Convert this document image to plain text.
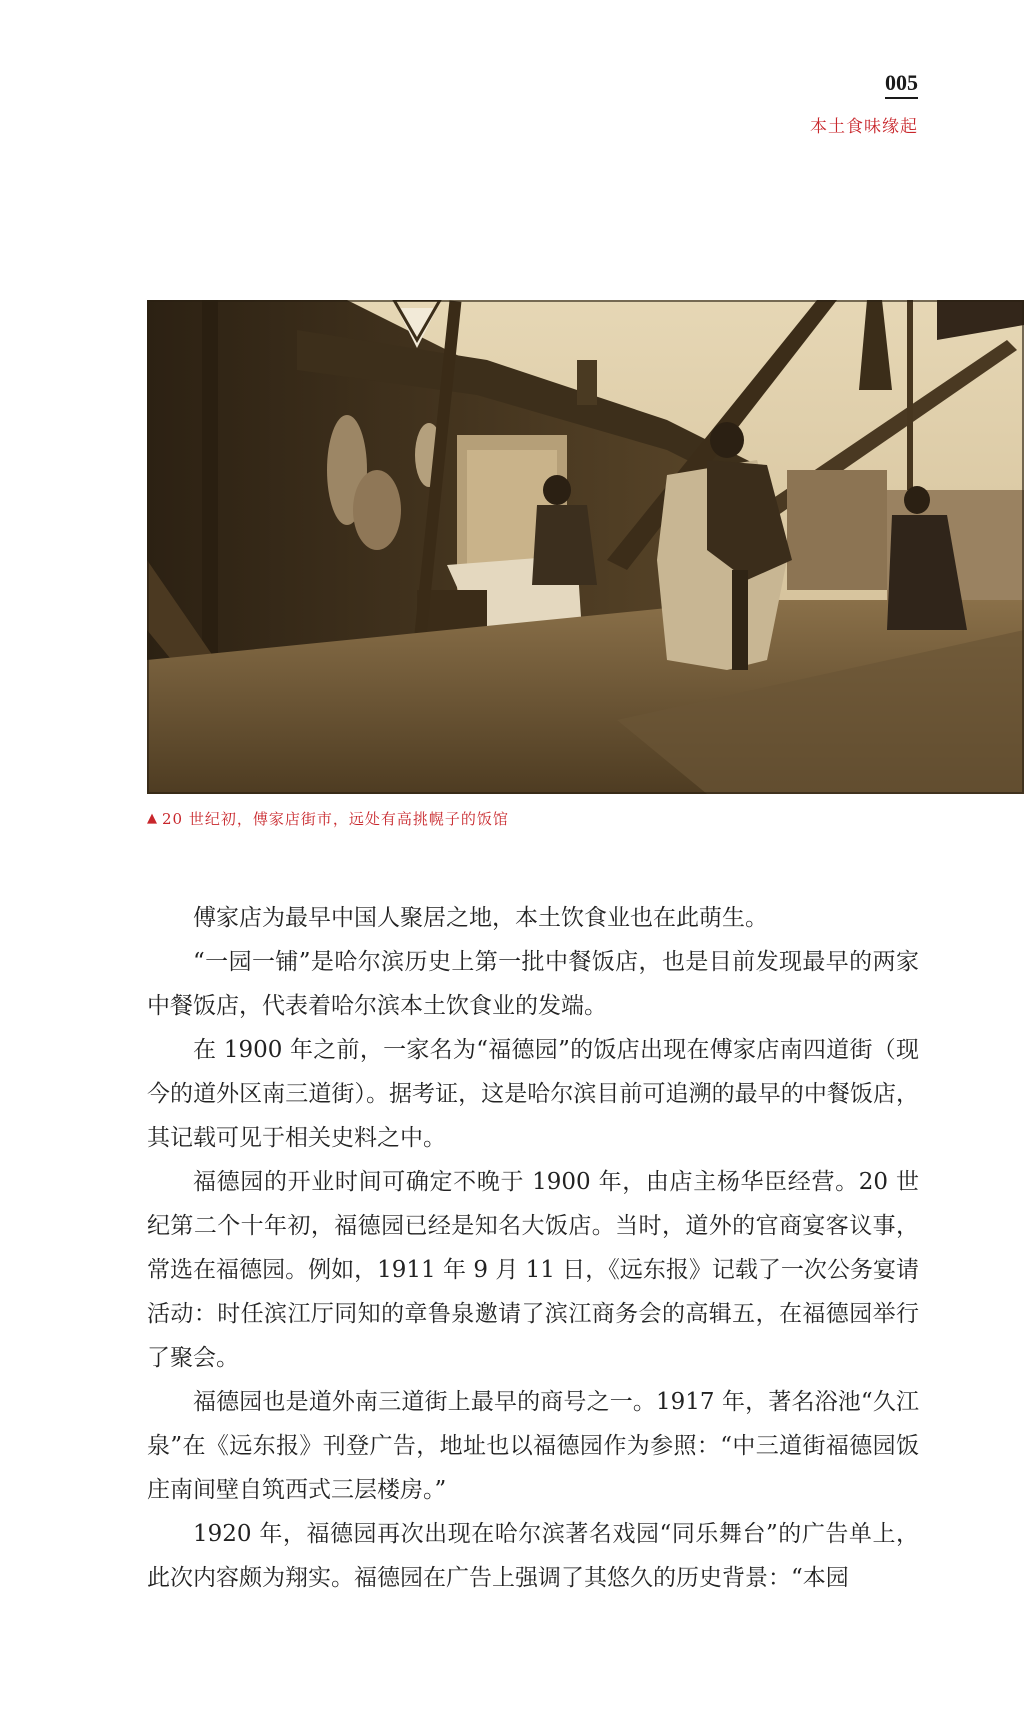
005
本土食味缘起
▲ 20 世纪初，傅家店街市，远处有高挑幌子的饭馆

傅家店为最早中国人聚居之地，本土饮食业也在此萌生。

“一园一铺”是哈尔滨历史上第一批中餐饭店，也是目前发现最早的两家中餐饭店，代表着哈尔滨本土饮食业的发端。

在 1900 年之前，一家名为“福德园”的饭店出现在傅家店南四道街（现今的道外区南三道街）。据考证，这是哈尔滨目前可追溯的最早的中餐饭店，其记载可见于相关史料之中。

福德园的开业时间可确定不晚于 1900 年，由店主杨华臣经营。20 世纪第二个十年初，福德园已经是知名大饭店。当时，道外的官商宴客议事，常选在福德园。例如，1911 年 9 月 11 日，《远东报》记载了一次公务宴请活动：时任滨江厅同知的章鲁泉邀请了滨江商务会的高辑五，在福德园举行了聚会。

福德园也是道外南三道街上最早的商号之一。1917 年，著名浴池“久江泉”在《远东报》刊登广告，地址也以福德园作为参照：“中三道街福德园饭庄南间壁自筑西式三层楼房。”

1920 年，福德园再次出现在哈尔滨著名戏园“同乐舞台”的广告单上，此次内容颇为翔实。福德园在广告上强调了其悠久的历史背景：“本园
